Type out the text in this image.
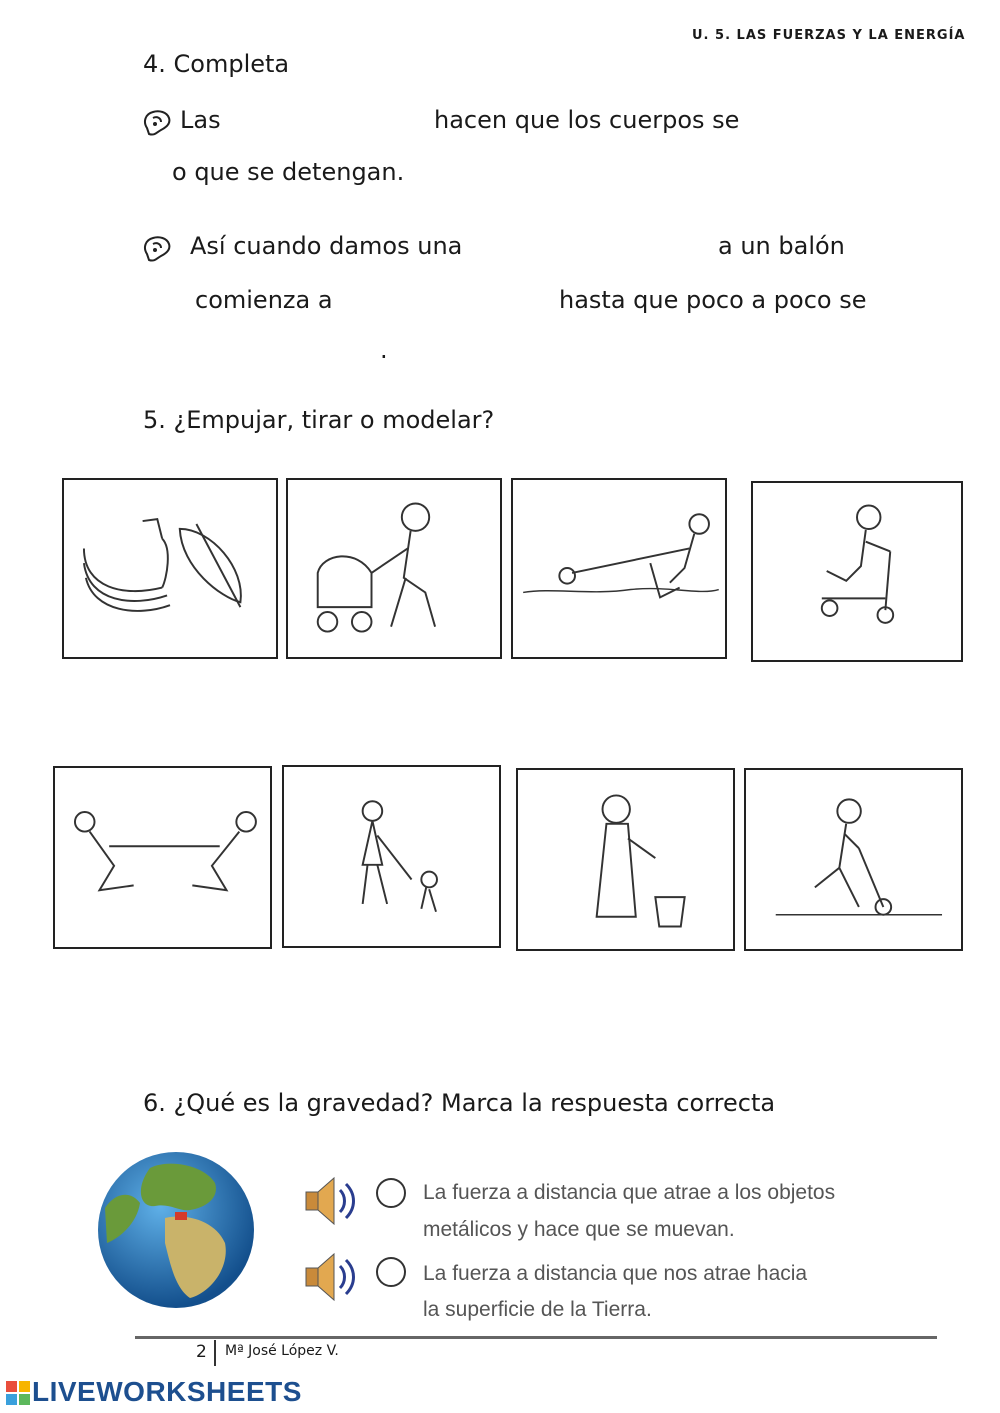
U. 5. LAS FUERZAS Y LA ENERGÍA
4. Completa
Las	hacen que los cuerpos se
o que se detengan.
Así cuando damos una	a un balón
comienza a	hasta que poco a poco se
.
5. ¿Empujar, tirar o modelar?
6. ¿Qué es la gravedad? Marca la respuesta correcta
La fuerza a distancia que atrae a los objetos
metálicos y hace que se muevan.
La fuerza a distancia que nos atrae hacia
la superficie de la Tierra.
2 Mª José López V.
LIVEWORKSHEETS
